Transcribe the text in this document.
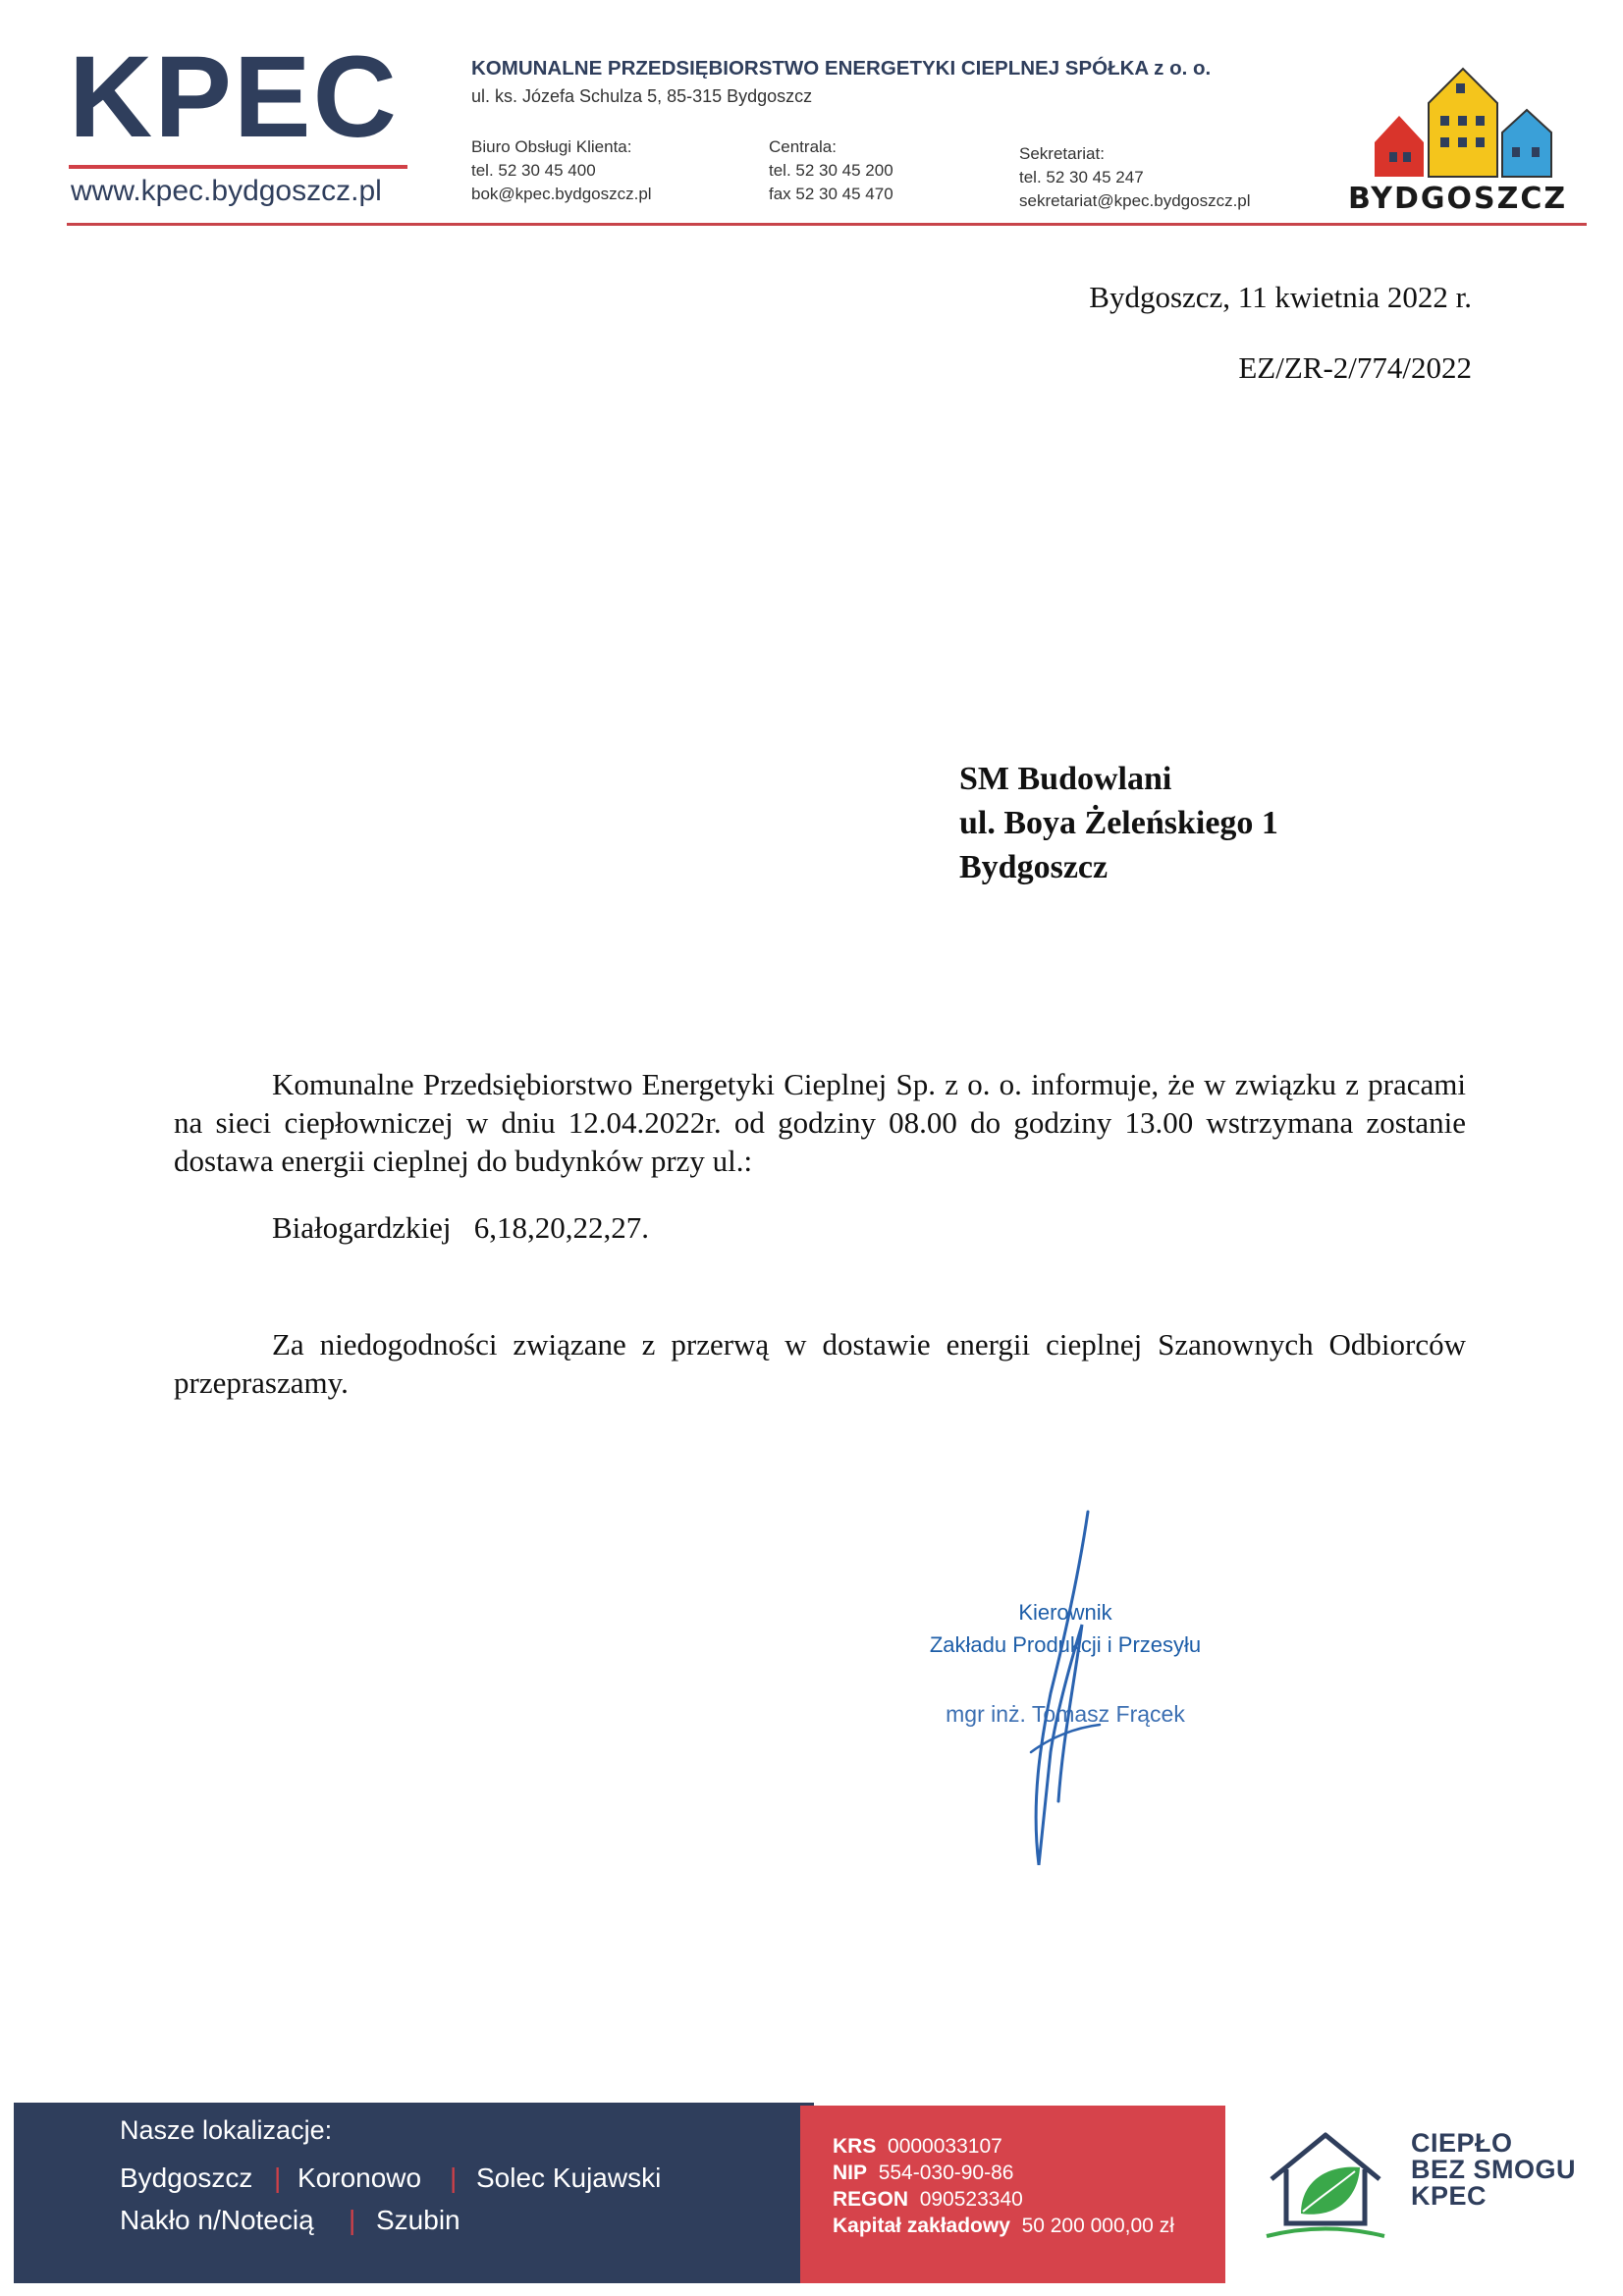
KPEC
www.kpec.bydgoszcz.pl
KOMUNALNE PRZEDSIĘBIORSTWO ENERGETYKI CIEPLNEJ SPÓŁKA z o. o.
ul. ks. Józefa Schulza 5, 85-315 Bydgoszcz
Biuro Obsługi Klienta:
tel. 52 30 45 400
bok@kpec.bydgoszcz.pl
Centrala:
tel. 52 30 45 200
fax 52 30 45 470
Sekretariat:
tel. 52 30 45 247
sekretariat@kpec.bydgoszcz.pl	BYDGOSZCZ
Bydgoszcz, 11 kwietnia 2022 r.
EZ/ZR-2/774/2022
SM Budowlani
ul. Boya Żeleńskiego 1
Bydgoszcz
Komunalne Przedsiębiorstwo Energetyki Cieplnej Sp. z o. o. informuje, że w związku z pracami na sieci ciepłowniczej w dniu 12.04.2022r. od godziny 08.00 do godziny 13.00 wstrzymana zostanie dostawa energii cieplnej do budynków przy ul.:
Białogardzkiej   6,18,20,22,27.
Za niedogodności związane z przerwą w dostawie energii cieplnej Szanownych Odbiorców przepraszamy.
Kierownik
Zakładu Produkcji i Przesyłu
mgr inż. Tomasz Frącek
Nasze lokalizacje:
Bydgoszcz | Koronowo | Solec Kujawski
Nakło n/Notecią | Szubin
KRS 0000033107
NIP 554-030-90-86
REGON 090523340
Kapitał zakładowy 50 200 000,00 zł
CIEPŁO
BEZ SMOGU
KPEC
